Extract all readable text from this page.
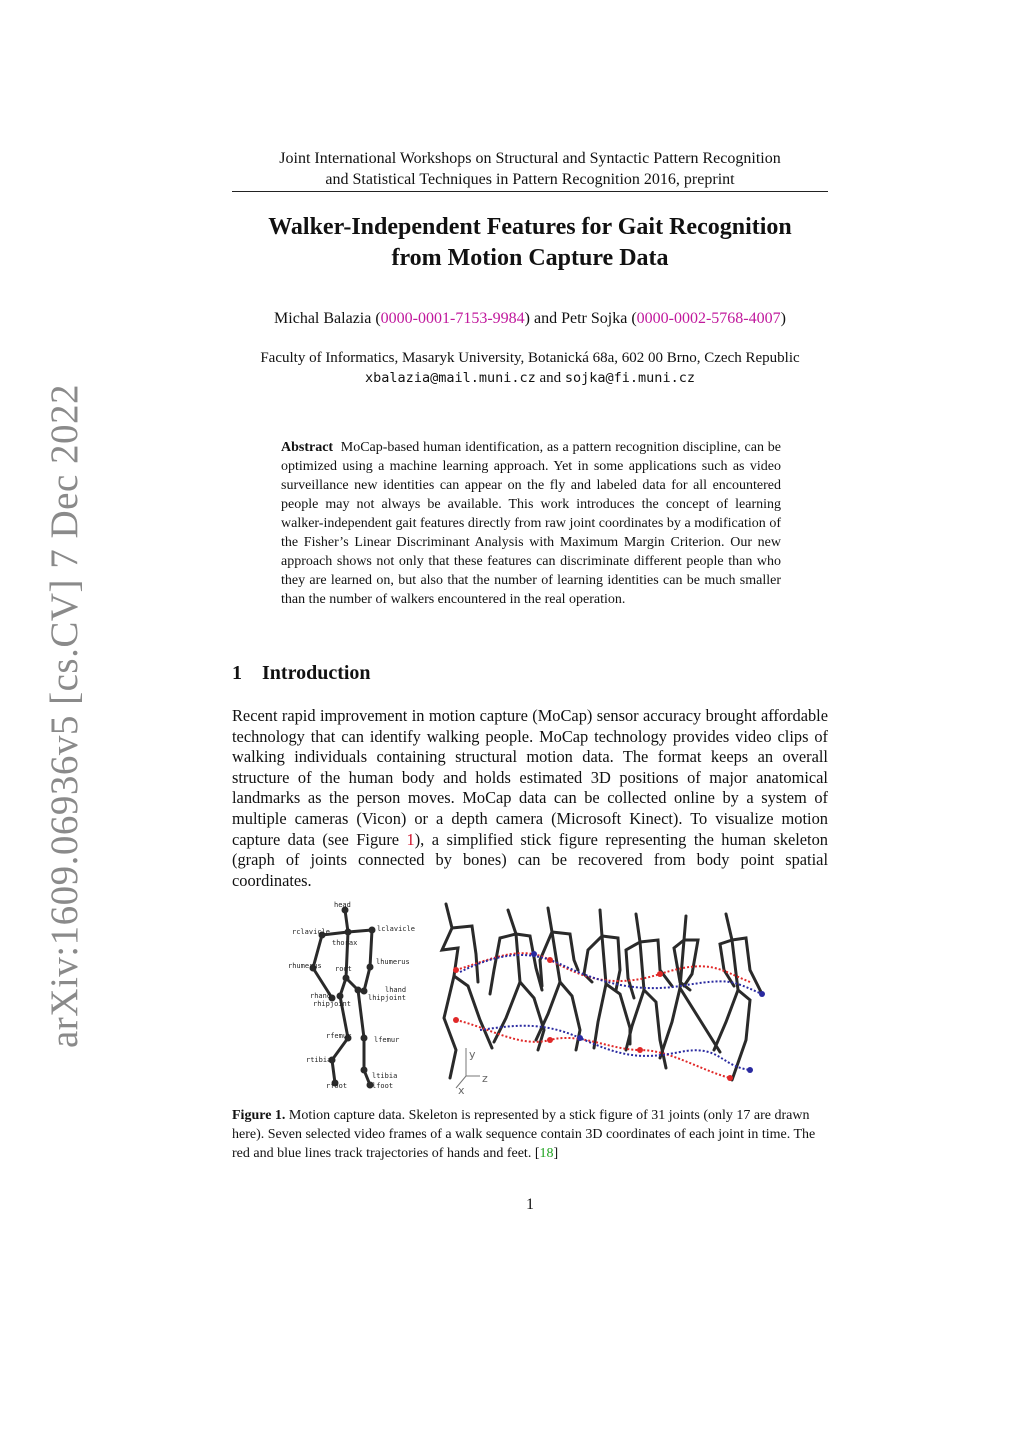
arXiv:1609.06936v5 [cs.CV] 7 Dec 2022
Joint International Workshops on Structural and Syntactic Pattern Recognition
and Statistical Techniques in Pattern Recognition 2016, preprint
Walker-Independent Features for Gait Recognition
from Motion Capture Data
Michal Balazia (0000-0001-7153-9984) and Petr Sojka (0000-0002-5768-4007)
Faculty of Informatics, Masaryk University, Botanická 68a, 602 00 Brno, Czech Republic
xbalazia@mail.muni.cz and sojka@fi.muni.cz
Abstract MoCap-based human identification, as a pattern recognition discipline, can be optimized using a machine learning approach. Yet in some applications such as video surveillance new identities can appear on the fly and labeled data for all encountered people may not always be available. This work introduces the concept of learning walker-independent gait features directly from raw joint coordinates by a modification of the Fisher’s Linear Discriminant Analysis with Maximum Margin Criterion. Our new approach shows not only that these features can discriminate different people than who they are learned on, but also that the number of learning identities can be much smaller than the number of walkers encountered in the real operation.
1 Introduction
Recent rapid improvement in motion capture (MoCap) sensor accuracy brought affordable technology that can identify walking people. MoCap technology provides video clips of walking individuals containing structural motion data. The format keeps an overall structure of the human body and holds estimated 3D positions of major anatomical landmarks as the person moves. MoCap data can be collected online by a system of multiple cameras (Vicon) or a depth camera (Microsoft Kinect). To visualize motion capture data (see Figure 1), a simplified stick figure representing the human skeleton (graph of joints connected by bones) can be recovered from body point spatial coordinates.
head
rclavicle	lclavicle
thorax
rhumerus	lhumerus
root
rhand
lhand
rhipjoint
lhipjoint
rfemur	lfemur
rtibia
ltibia
rfoot	lfoot
y
z
x
Figure 1. Motion capture data. Skeleton is represented by a stick figure of 31 joints (only 17 are drawn here). Seven selected video frames of a walk sequence contain 3D coordinates of each joint in time. The red and blue lines track trajectories of hands and feet. [18]
1
